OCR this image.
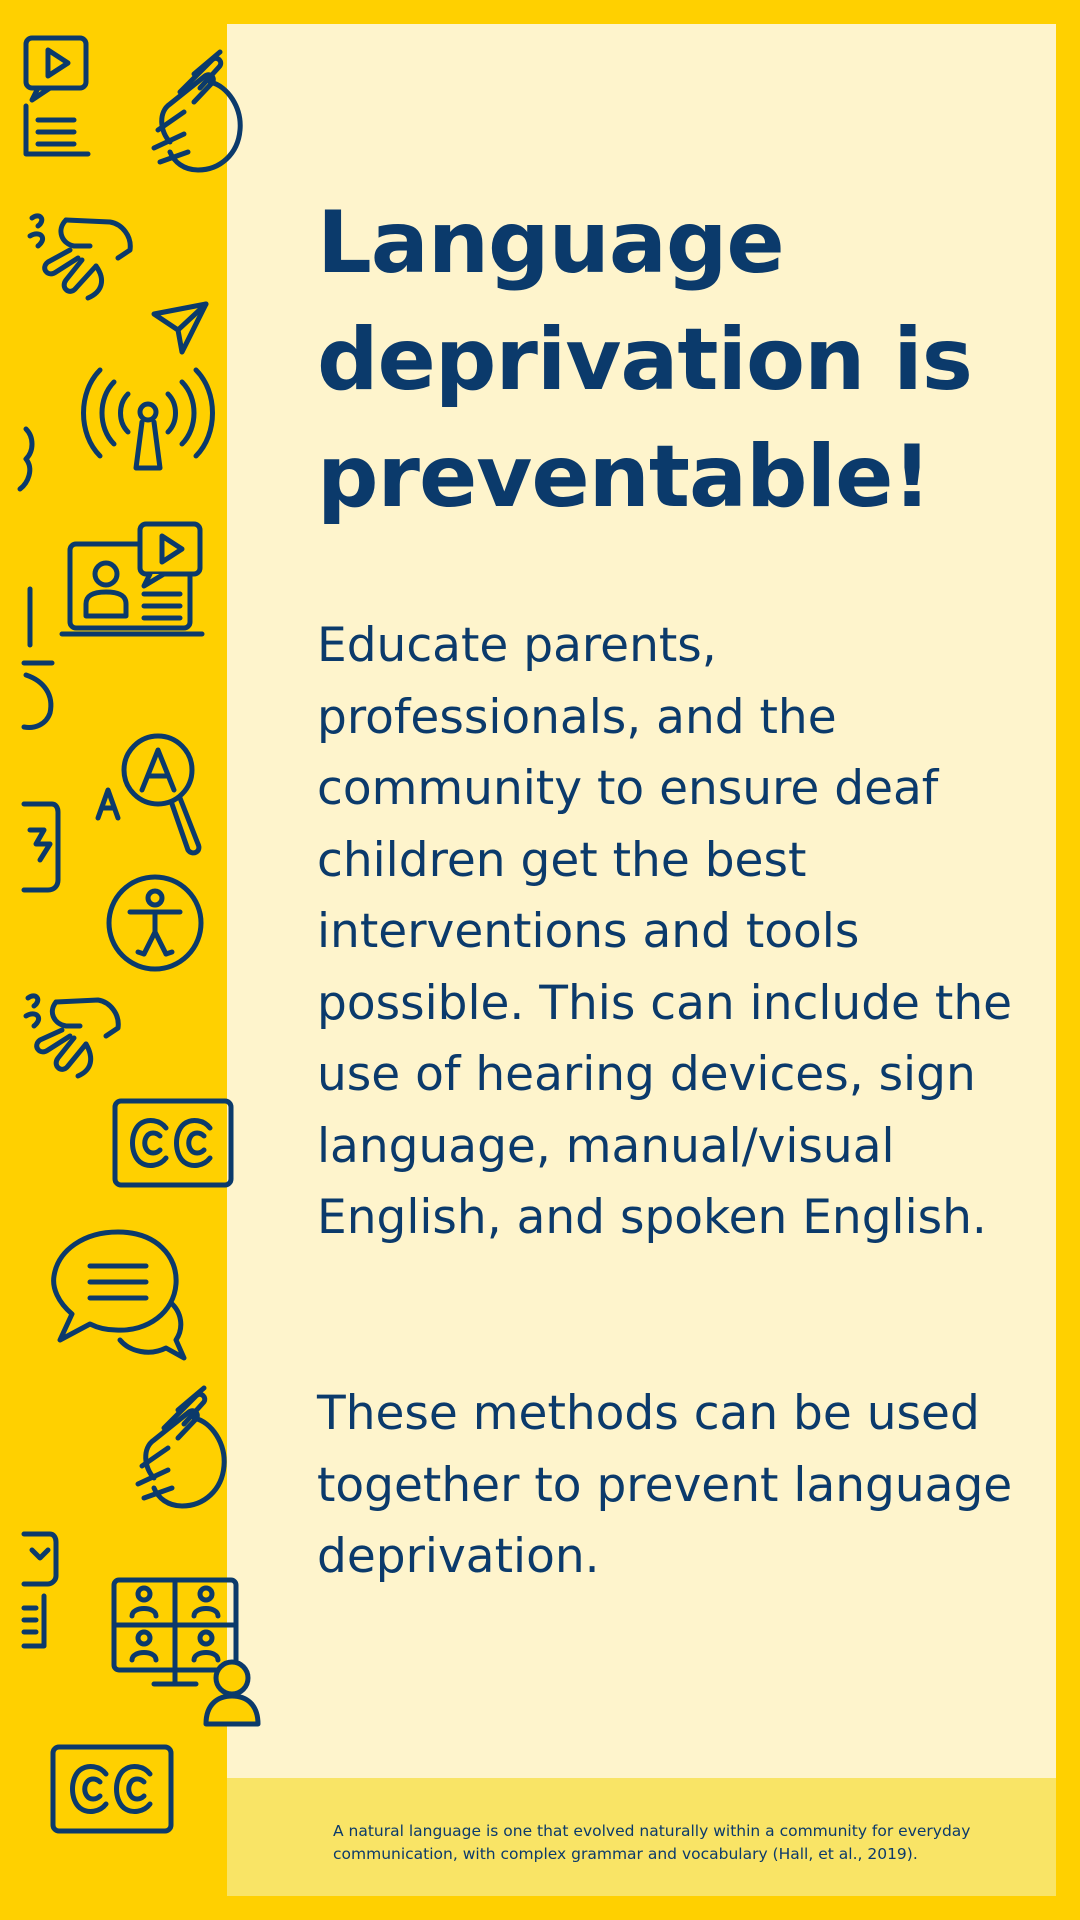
Language deprivation is preventable!

Educate parents, professionals, and the community to ensure deaf children get the best interventions and tools possible. This can include the use of hearing devices, sign language, manual/visual English, and spoken English.

These methods can be used together to prevent language deprivation.

A natural language is one that evolved naturally within a community for everyday communication, with complex grammar and vocabulary (Hall, et al., 2019).
